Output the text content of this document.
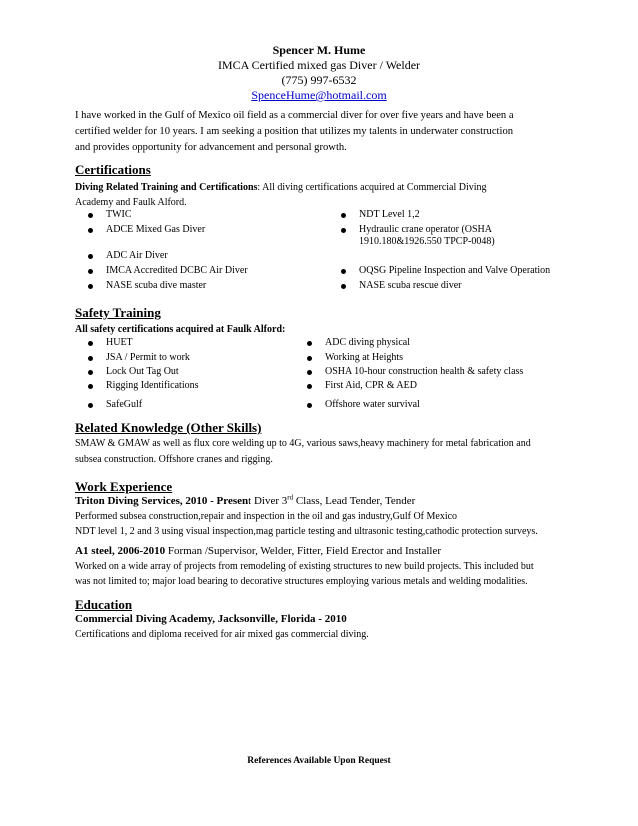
Spencer M. Hume
IMCA Certified mixed gas Diver / Welder
(775) 997-6532
SpenceHume@hotmail.com

I have worked in the Gulf of Mexico oil field as a commercial diver for over five years and have been a

certified welder for 10 years. I am seeking a position that utilizes my talents in underwater construction

and provides opportunity for advancement and personal growth.

Certifications

Diving Related Training and Certifications: All diving certifications acquired at Commercial Diving

Academy and Faulk Alford.

TWIC
ADCE Mixed Gas Diver
ADC Air Diver
IMCA Accredited DCBC Air Diver
NASE scuba dive master
NDT Level 1,2
Hydraulic crane operator (OSHA
1910.180&1926.550 TPCP-0048)
OQSG Pipeline Inspection and Valve Operation
NASE scuba rescue diver
Safety Training

All safety certifications acquired at Faulk Alford:

HUET
JSA / Permit to work
Lock Out Tag Out
Rigging Identifications
SafeGulf
ADC diving physical
Working at Heights
OSHA 10-hour construction health & safety class
First Aid, CPR & AED
Offshore water survival
Related Knowledge (Other Skills)

SMAW & GMAW as well as flux core welding up to 4G, various saws,heavy machinery for metal fabrication and

subsea construction. Offshore cranes and rigging.

Work Experience

Triton Diving Services, 2010 - Present Diver 3rd Class, Lead Tender, Tender

Performed subsea construction,repair and inspection in the oil and gas industry,Gulf Of Mexico

NDT level 1, 2 and 3 using visual inspection,mag particle testing and ultrasonic testing,cathodic protection surveys.

A1 steel, 2006-2010 Forman /Supervisor, Welder, Fitter, Field Erector and Installer

Worked on a wide array of projects from remodeling of existing structures to new build projects. This included but

was not limited to; major load bearing to decorative structures employing various metals and welding modalities.

Education

Commercial Diving Academy, Jacksonville, Florida - 2010

Certifications and diploma received for air mixed gas commercial diving.

References Available Upon Request
